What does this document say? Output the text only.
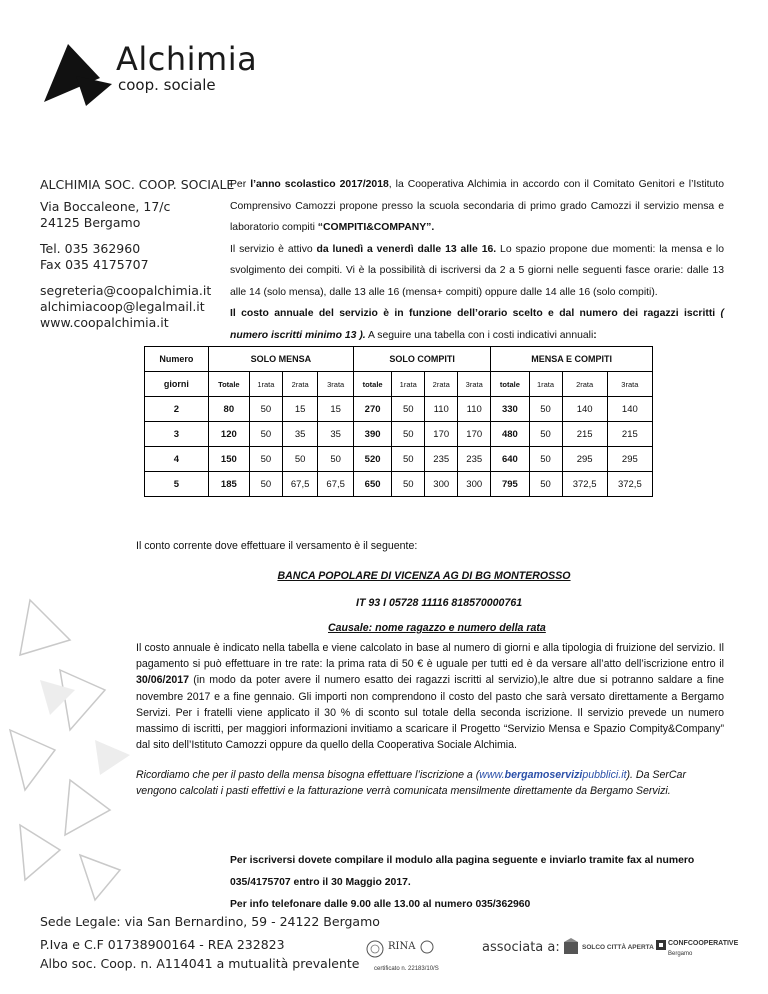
Alchimia
coop. sociale
ALCHIMIA SOC. COOP. SOCIALE
Via Boccaleone, 17/c
24125 Bergamo
Tel. 035 362960
Fax 035 4175707
segreteria@coopalchimia.it
alchimiacoop@legalmail.it
www.coopalchimia.it
Per l’anno scolastico 2017/2018, la Cooperativa Alchimia in accordo con il Comitato Genitori e l’Istituto Comprensivo Camozzi propone presso la scuola secondaria di primo grado Camozzi il servizio mensa e laboratorio compiti “COMPITI&COMPANY”.
Il servizio è attivo da lunedì a venerdì dalle 13 alle 16. Lo spazio propone due momenti: la mensa e lo svolgimento dei compiti. Vi è la possibilità di iscriversi da 2 a 5 giorni nelle seguenti fasce orarie: dalle 13 alle 14 (solo mensa), dalle 13 alle 16 (mensa+ compiti) oppure dalle 14 alle 16 (solo compiti).
Il costo annuale del servizio è in funzione dell’orario scelto e dal numero dei ragazzi iscritti ( numero iscritti minimo 13 ). A seguire una tabella con i costi indicativi annuali:
Numero	SOLO MENSA				SOLO COMPITI				MENSA E COMPITI			
giorni	Totale	1rata	2rata	3rata	totale	1rata	2rata	3rata	totale	1rata	2rata	3rata
2	80	50	15	15	270	50	110	110	330	50	140	140
3	120	50	35	35	390	50	170	170	480	50	215	215
4	150	50	50	50	520	50	235	235	640	50	295	295
5	185	50	67,5	67,5	650	50	300	300	795	50	372,5	372,5
Il conto corrente dove effettuare il versamento è il seguente:
BANCA POPOLARE DI VICENZA AG DI BG MONTEROSSO
IT 93 I 05728 11116 818570000761
Causale: nome ragazzo e numero della rata
Il costo annuale è indicato nella tabella e viene calcolato in base al numero di giorni e alla tipologia di fruizione del servizio. Il pagamento si può effettuare in tre rate: la prima rata di 50 € è uguale per tutti ed è da versare all’atto dell’iscrizione entro il 30/06/2017 (in modo da poter avere il numero esatto dei ragazzi iscritti al servizio),le altre due si potranno saldare a fine novembre 2017 e a fine gennaio. Gli importi non comprendono il costo del pasto che sarà versato direttamente a Bergamo Servizi. Per i fratelli viene applicato il 30 % di sconto sul totale della seconda iscrizione. Il servizio prevede un numero massimo di iscritti, per maggiori informazioni invitiamo a scaricare il Progetto “Servizio Mensa e Spazio Compity&Company” dal sito dell’Istituto Camozzi oppure da quello della Cooperativa Sociale Alchimia.
Ricordiamo che per il pasto della mensa bisogna effettuare l’iscrizione a (www.bergamoservizipubblici.it). Da SerCar vengono calcolati i pasti effettivi e la fatturazione verrà comunicata mensilmente direttamente da Bergamo Servizi.
Per iscriversi dovete compilare il modulo alla pagina seguente e inviarlo tramite fax al numero 035/4175707 entro il 30 Maggio 2017.
Per info telefonare dalle 9.00 alle 13.00 al numero 035/362960
Sede Legale: via San Bernardino, 59 - 24122 Bergamo
P.Iva e C.F 01738900164 - REA 232823
Albo soc. Coop. n. A114041 a mutualità prevalente
RINA
certificato n. 22183/10/S
associata a:	SOLCO CITTÀ APERTA
CONFCOOPERATIVE
Bergamo
